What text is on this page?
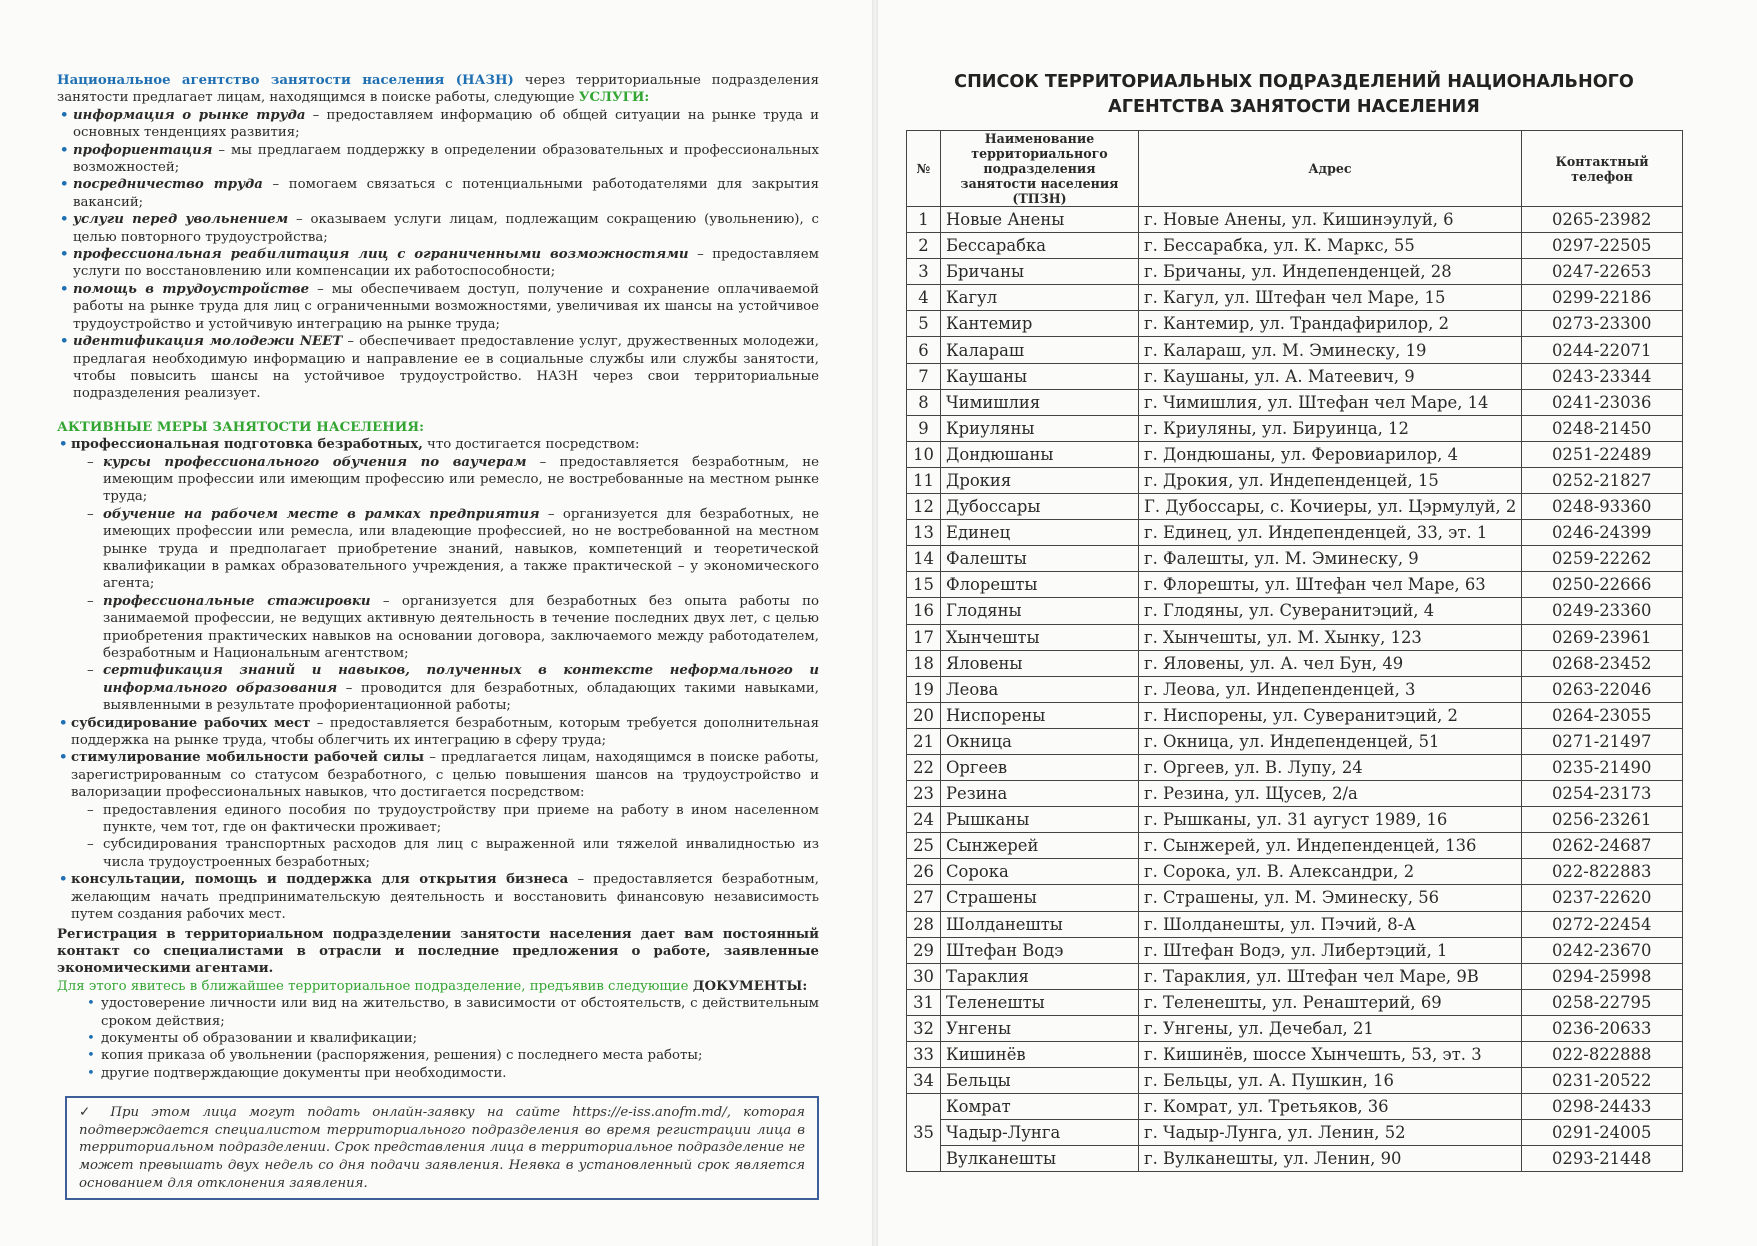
Национальное агентство занятости населения (НАЗН) через территориальные подразделения занятости предлагает лицам, находящимся в поиске работы, следующие УСЛУГИ:

• информация о рынке труда – предоставляем информацию об общей ситуации на рынке труда и основных тенденциях развития;
• профориентация – мы предлагаем поддержку в определении образовательных и профессиональных возможностей;
• посредничество труда – помогаем связаться с потенциальными работодателями для закрытия вакансий;
• услуги перед увольнением – оказываем услуги лицам, подлежащим сокращению (увольнению), с целью повторного трудоустройства;
• профессиональная реабилитация лиц с ограниченными возможностями – предоставляем услуги по восстановлению или компенсации их работоспособности;
• помощь в трудоустройстве – мы обеспечиваем доступ, получение и сохранение оплачиваемой работы на рынке труда для лиц с ограниченными возможностями, увеличивая их шансы на устойчивое трудоустройство и устойчивую интеграцию на рынке труда;
• идентификация молодежи NEET – обеспечивает предоставление услуг, дружественных молодежи, предлагая необходимую информацию и направление ее в социальные службы или службы занятости, чтобы повысить шансы на устойчивое трудоустройство. НАЗН через свои территориальные подразделения реализует.

АКТИВНЫЕ МЕРЫ ЗАНЯТОСТИ НАСЕЛЕНИЯ:

• профессиональная подготовка безработных, что достигается посредством:
– курсы профессионального обучения по ваучерам – предоставляется безработным, не имеющим профессии или имеющим профессию или ремесло, не востребованные на местном рынке труда;
– обучение на рабочем месте в рамках предприятия – организуется для безработных, не имеющих профессии или ремесла, или владеющие профессией, но не востребованной на местном рынке труда и предполагает приобретение знаний, навыков, компетенций и теоретической квалификации в рамках образовательного учреждения, а также практической – у экономического агента;
– профессиональные стажировки – организуется для безработных без опыта работы по занимаемой профессии, не ведущих активную деятельность в течение последних двух лет, с целью приобретения практических навыков на основании договора, заключаемого между работодателем, безработным и Национальным агентством;
– сертификация знаний и навыков, полученных в контексте неформального и информального образования – проводится для безработных, обладающих такими навыками, выявленными в результате профориентационной работы;
• субсидирование рабочих мест – предоставляется безработным, которым требуется дополнительная поддержка на рынке труда, чтобы облегчить их интеграцию в сферу труда;
• стимулирование мобильности рабочей силы – предлагается лицам, находящимся в поиске работы, зарегистрированным со статусом безработного, с целью повышения шансов на трудоустройство и валоризации профессиональных навыков, что достигается посредством:
– предоставления единого пособия по трудоустройству при приеме на работу в ином населенном пункте, чем тот, где он фактически проживает;
– субсидирования транспортных расходов для лиц с выраженной или тяжелой инвалидностью из числа трудоустроенных безработных;
• консультации, помощь и поддержка для открытия бизнеса – предоставляется безработным, желающим начать предпринимательскую деятельность и восстановить финансовую независимость путем создания рабочих мест.

Регистрация в территориальном подразделении занятости населения дает вам постоянный контакт со специалистами в отрасли и последние предложения о работе, заявленные экономическими агентами.

Для этого явитесь в ближайшее территориальное подразделение, предъявив следующие ДОКУМЕНТЫ:

• удостоверение личности или вид на жительство, в зависимости от обстоятельств, с действительным сроком действия;
• документы об образовании и квалификации;
• копия приказа об увольнении (распоряжения, решения) с последнего места работы;
• другие подтверждающие документы при необходимости.
✓ При этом лица могут подать онлайн-заявку на сайте https://e-iss.anofm.md/, которая подтверждается специалистом территориального подразделения во время регистрации лица в территориальном подразделении. Срок представления лица в территориальное подразделение не может превышать двух недель со дня подачи заявления. Неявка в установленный срок является основанием для отклонения заявления.
СПИСОК ТЕРРИТОРИАЛЬНЫХ ПОДРАЗДЕЛЕНИЙ НАЦИОНАЛЬНОГО
АГЕНТСТВА ЗАНЯТОСТИ НАСЕЛЕНИЯ
№	Наименование территориального подразделения занятости населения (ТПЗН)	Адрес	Контактный телефон
1	Новые Анены	г. Новые Анены, ул. Кишинэулуй, 6	0265-23982
2	Бессарабка	г. Бессарабка, ул. К. Маркс, 55	0297-22505
3	Бричаны	г. Бричаны, ул. Индепенденцей, 28	0247-22653
4	Кагул	г. Кагул, ул. Штефан чел Маре, 15	0299-22186
5	Кантемир	г. Кантемир, ул. Трандафирилор, 2	0273-23300
6	Калараш	г. Калараш, ул. М. Эминеску, 19	0244-22071
7	Каушаны	г. Каушаны, ул. А. Матеевич, 9	0243-23344
8	Чимишлия	г. Чимишлия, ул. Штефан чел Маре, 14	0241-23036
9	Криуляны	г. Криуляны, ул. Бируинца, 12	0248-21450
10	Дондюшаны	г. Дондюшаны, ул. Феровиарилор, 4	0251-22489
11	Дрокия	г. Дрокия, ул. Индепенденцей, 15	0252-21827
12	Дубоссары	Г. Дубоссары, с. Кочиеры, ул. Цэрмулуй, 2	0248-93360
13	Единец	г. Единец, ул. Индепенденцей, 33, эт. 1	0246-24399
14	Фалешты	г. Фалешты, ул. М. Эминеску, 9	0259-22262
15	Флорешты	г. Флорешты, ул. Штефан чел Маре, 63	0250-22666
16	Глодяны	г. Глодяны, ул. Суверанитэций, 4	0249-23360
17	Хынчешты	г. Хынчешты, ул. М. Хынку, 123	0269-23961
18	Яловены	г. Яловены, ул. А. чел Бун, 49	0268-23452
19	Леова	г. Леова, ул. Индепенденцей, 3	0263-22046
20	Ниспорены	г. Ниспорены, ул. Суверанитэций, 2	0264-23055
21	Окница	г. Окница, ул. Индепенденцей, 51	0271-21497
22	Оргеев	г. Оргеев, ул. В. Лупу, 24	0235-21490
23	Резина	г. Резина, ул. Щусев, 2/а	0254-23173
24	Рышканы	г. Рышканы, ул. 31 аугуст 1989, 16	0256-23261
25	Сынжерей	г. Сынжерей, ул. Индепенденцей, 136	0262-24687
26	Сорока	г. Сорока, ул. В. Александри, 2	022-822883
27	Страшены	г. Страшены, ул. М. Эминеску, 56	0237-22620
28	Шолданешты	г. Шолданешты, ул. Пэчий, 8-А	0272-22454
29	Штефан Водэ	г. Штефан Водэ, ул. Либертэций, 1	0242-23670
30	Тараклия	г. Тараклия, ул. Штефан чел Маре, 9В	0294-25998
31	Теленешты	г. Теленешты, ул. Ренаштерий, 69	0258-22795
32	Унгены	г. Унгены, ул. Дечебал, 21	0236-20633
33	Кишинёв	г. Кишинёв, шоссе Хынчешть, 53, эт. 3	022-822888
34	Бельцы	г. Бельцы, ул. А. Пушкин, 16	0231-20522
35	Комрат	г. Комрат, ул. Третьяков, 36	0298-24433
	Чадыр-Лунга	г. Чадыр-Лунга, ул. Ленин, 52	0291-24005
	Вулканешты	г. Вулканешты, ул. Ленин, 90	0293-21448
